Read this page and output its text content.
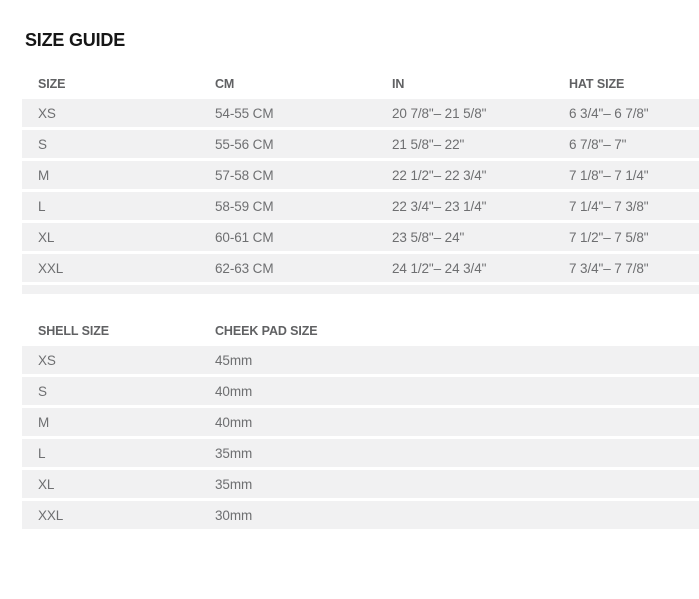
SIZE GUIDE
SIZE	CM	IN	HAT SIZE
XS	54-55 CM	20 7/8"– 21 5/8"	6 3/4"– 6 7/8"
S	55-56 CM	21 5/8"– 22"	6 7/8"– 7"
M	57-58 CM	22 1/2"– 22 3/4"	7 1/8"– 7 1/4"
L	58-59 CM	22 3/4"– 23 1/4"	7 1/4"– 7 3/8"
XL	60-61 CM	23 5/8"– 24"	7 1/2"– 7 5/8"
XXL	62-63 CM	24 1/2"– 24 3/4"	7 3/4"– 7 7/8"
SHELL SIZE	CHEEK PAD SIZE
XS	45mm
S	40mm
M	40mm
L	35mm
XL	35mm
XXL	30mm
